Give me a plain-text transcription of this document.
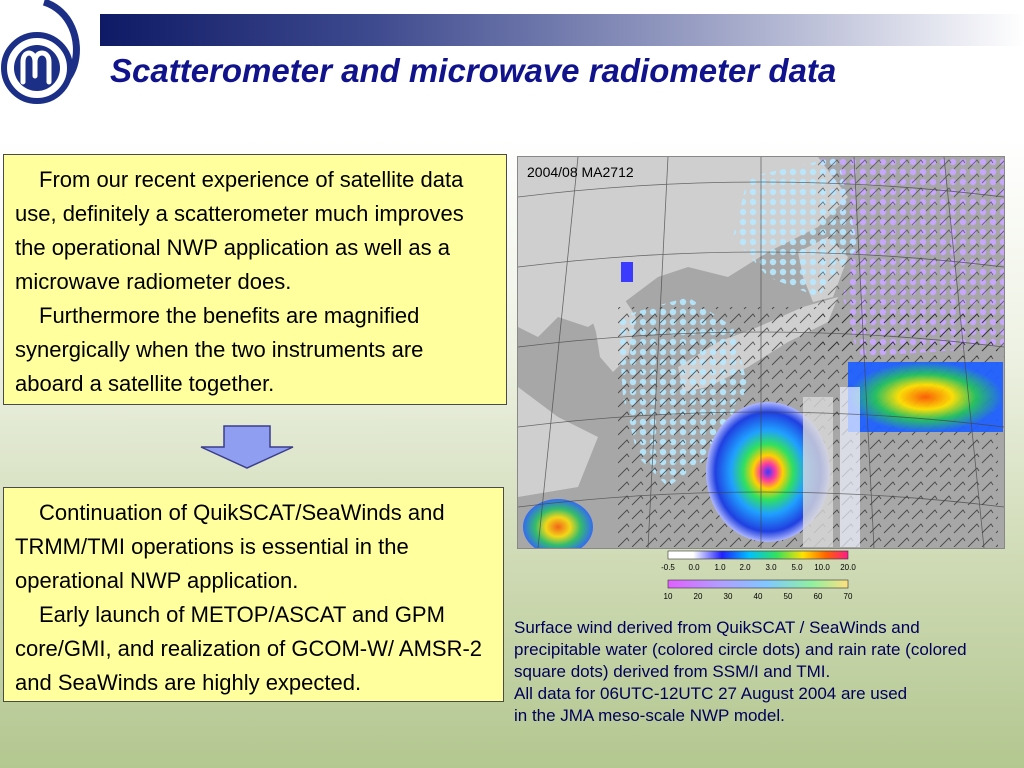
Scatterometer and microwave radiometer data

From our recent experience of satellite data use, definitely a scatterometer much improves the operational NWP application as well as a microwave radiometer does.

Furthermore the benefits are magnified synergically when the two instruments are aboard a satellite together.

Continuation of QuikSCAT/SeaWinds and TRMM/TMI operations is essential in the operational NWP application.

Early launch of METOP/ASCAT and GPM core/GMI, and realization of GCOM-W/ AMSR-2 and SeaWinds are highly expected.

2004/08 MA2712
-0.5 0.0 1.0 2.0 3.0 5.0 10.0 20.0
10	20	30	40	50	60	70
Surface wind derived from QuikSCAT / SeaWinds and
precipitable water (colored circle dots) and rain rate (colored
square dots) derived from SSM/I and TMI.
All data for 06UTC-12UTC 27 August 2004 are used
in the JMA meso-scale NWP model.
